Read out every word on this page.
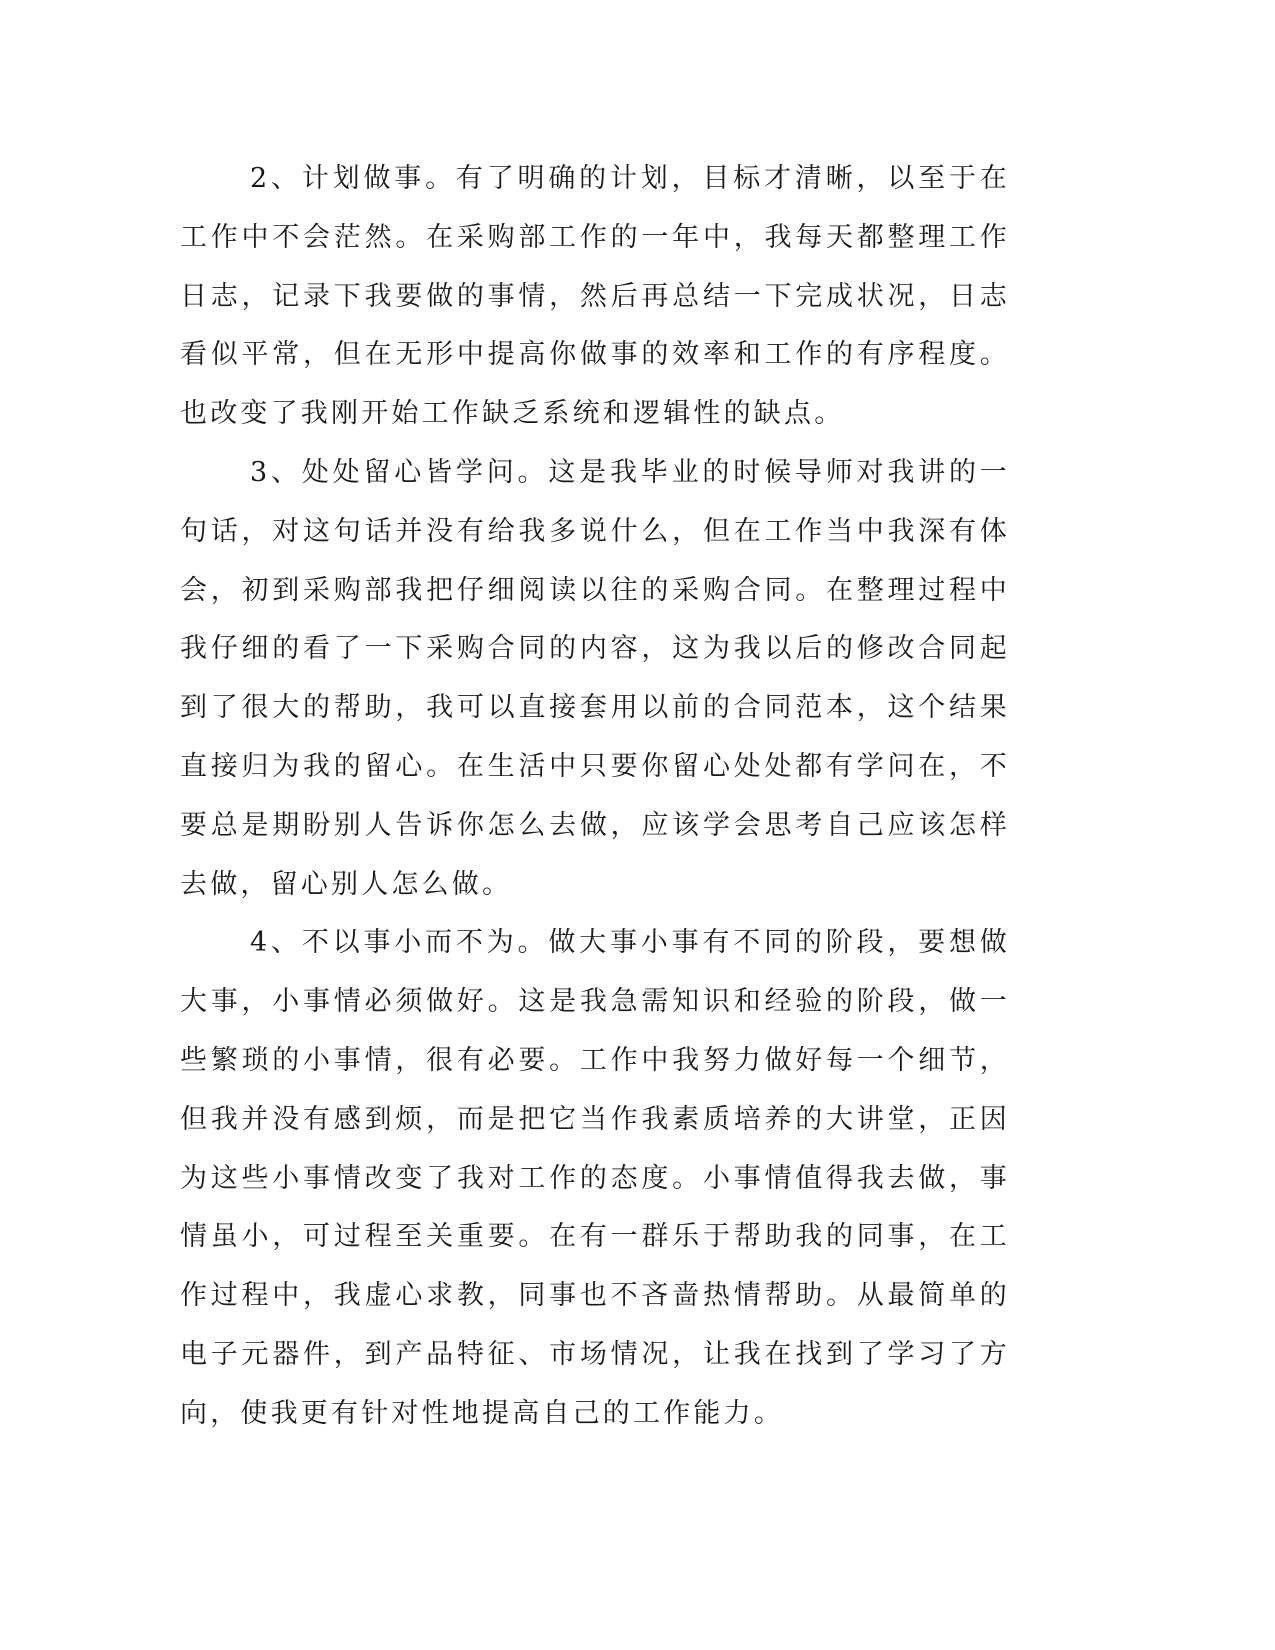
2、计划做事。有了明确的计划，目标才清晰，以至于在工作中不会茫然。在采购部工作的一年中，我每天都整理工作日志，记录下我要做的事情，然后再总结一下完成状况，日志看似平常，但在无形中提高你做事的效率和工作的有序程度。也改变了我刚开始工作缺乏系统和逻辑性的缺点。

3、处处留心皆学问。这是我毕业的时候导师对我讲的一句话，对这句话并没有给我多说什么，但在工作当中我深有体会，初到采购部我把仔细阅读以往的采购合同。在整理过程中我仔细的看了一下采购合同的内容，这为我以后的修改合同起到了很大的帮助，我可以直接套用以前的合同范本，这个结果直接归为我的留心。在生活中只要你留心处处都有学问在，不要总是期盼别人告诉你怎么去做，应该学会思考自己应该怎样去做，留心别人怎么做。

4、不以事小而不为。做大事小事有不同的阶段，要想做大事，小事情必须做好。这是我急需知识和经验的阶段，做一些繁琐的小事情，很有必要。工作中我努力做好每一个细节，但我并没有感到烦，而是把它当作我素质培养的大讲堂，正因为这些小事情改变了我对工作的态度。小事情值得我去做，事情虽小，可过程至关重要。在有一群乐于帮助我的同事，在工作过程中，我虚心求教，同事也不吝啬热情帮助。从最简单的电子元器件，到产品特征、市场情况，让我在找到了学习了方向，使我更有针对性地提高自己的工作能力。
